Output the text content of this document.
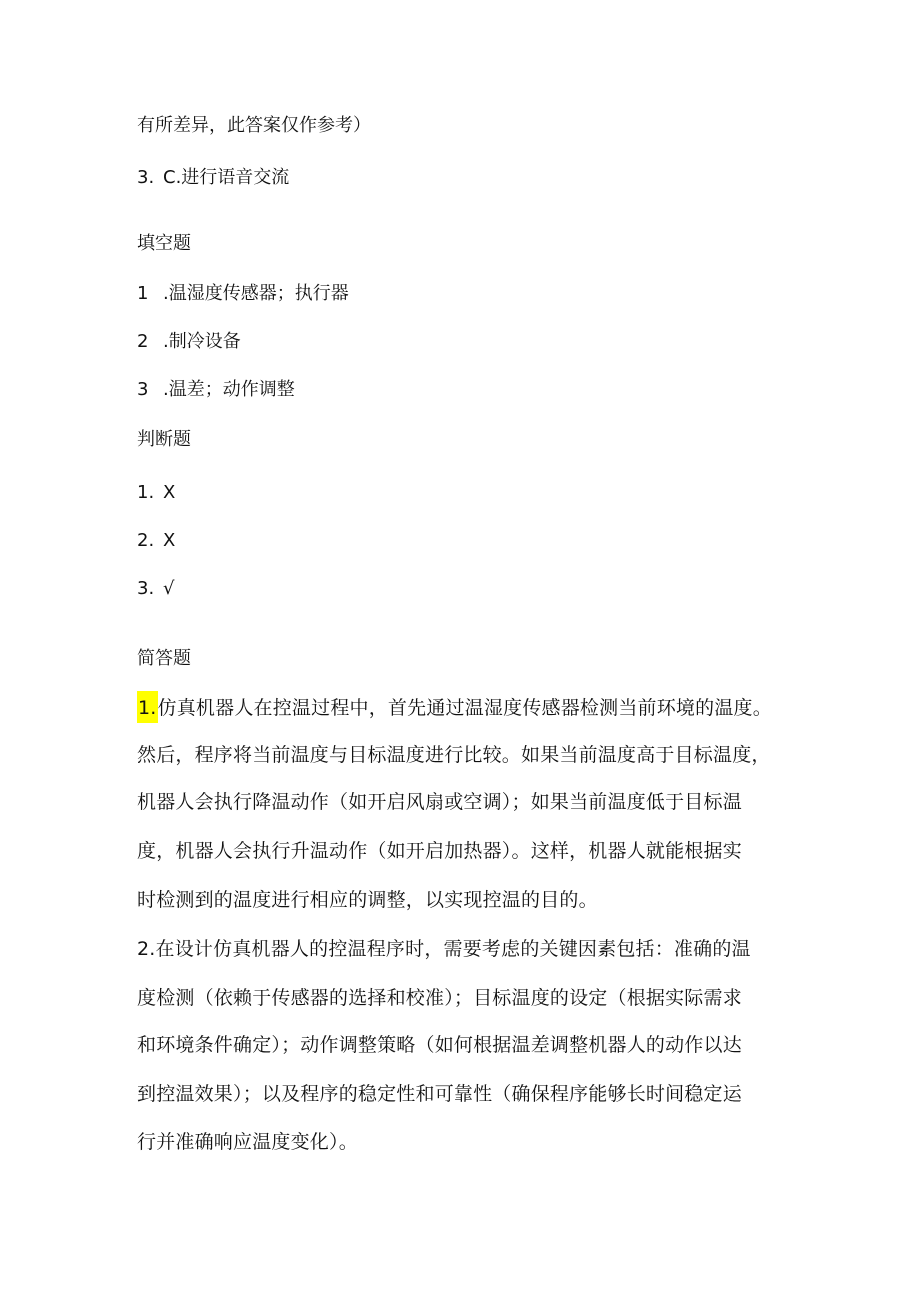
有所差异，此答案仅作参考）
3. C.进行语音交流
填空题
1 .温湿度传感器；执行器
2 .制冷设备
3 .温差；动作调整
判断题
1. X
2. X
3. √
简答题
1.仿真机器人在控温过程中，首先通过温湿度传感器检测当前环境的温度。
然后，程序将当前温度与目标温度进行比较。如果当前温度高于目标温度，
机器人会执行降温动作（如开启风扇或空调）；如果当前温度低于目标温
度，机器人会执行升温动作（如开启加热器）。这样，机器人就能根据实
时检测到的温度进行相应的调整，以实现控温的目的。
2.在设计仿真机器人的控温程序时，需要考虑的关键因素包括：准确的温
度检测（依赖于传感器的选择和校准）；目标温度的设定（根据实际需求
和环境条件确定）；动作调整策略（如何根据温差调整机器人的动作以达
到控温效果）；以及程序的稳定性和可靠性（确保程序能够长时间稳定运
行并准确响应温度变化）。
